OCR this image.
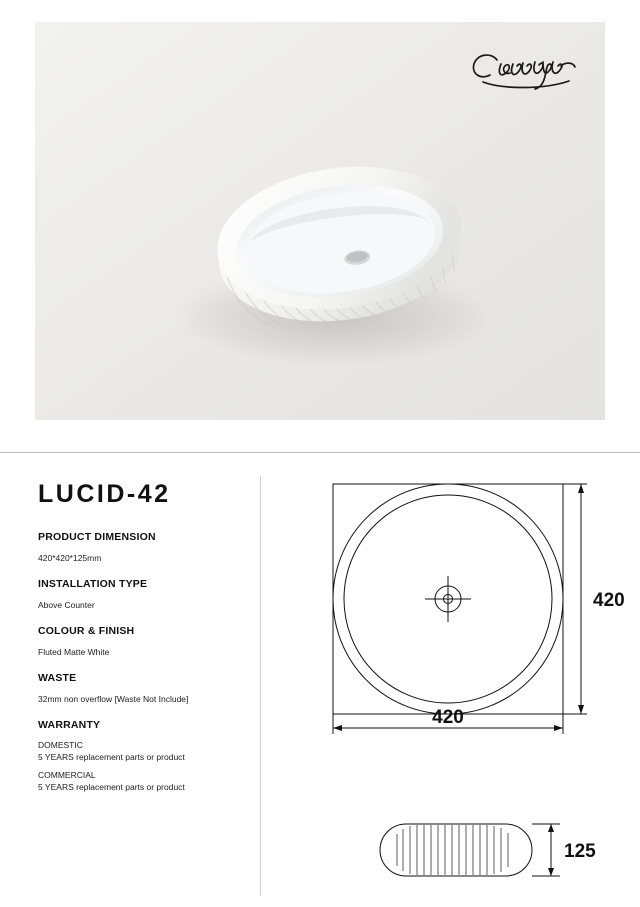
LUCID-42

PRODUCT DIMENSION

420*420*125mm

INSTALLATION TYPE

Above Counter

COLOUR & FINISH

Fluted Matte White

WASTE

32mm non overflow [Waste Not Include]

WARRANTY

DOMESTIC

5 YEARS replacement parts or product

COMMERCIAL

5 YEARS replacement parts or product

420
420
125
